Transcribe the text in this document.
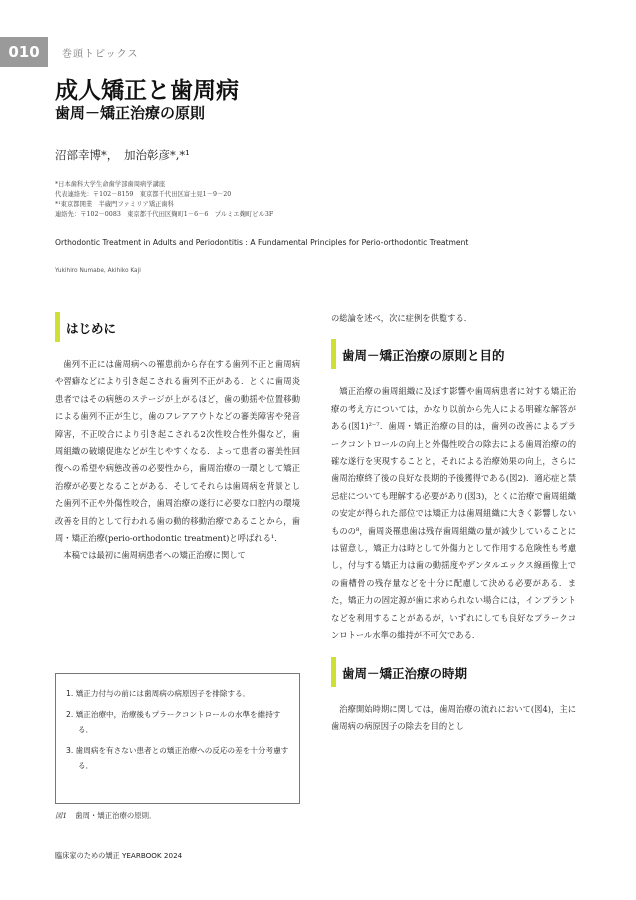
010	巻頭トピックス
成人矯正と歯周病
歯周－矯正治療の原則
沼部幸博*，　加治彰彦*,*¹
*日本歯科大学生命歯学部歯周病学講座
代表連絡先：〒102－8159　東京都千代田区富士見1－9－20
*¹東京都開業　半蔵門ファミリア矯正歯科
連絡先：〒102－0083　東京都千代田区麹町1－6－6　プルミエ麹町ビル3F
Orthodontic Treatment in Adults and Periodontitis : A Fundamental Principles for Perio-orthodontic Treatment
Yukihiro Numabe, Akihiko Kaji
はじめに

歯列不正には歯周病への罹患前から存在する歯列不正と歯周病や習癖などにより引き起こされる歯列不正がある．とくに歯周炎患者ではその病態のステージが上がるほど，歯の動揺や位置移動による歯列不正が生じ，歯のフレアアウトなどの審美障害や発音障害，不正咬合により引き起こされる2次性咬合性外傷など，歯周組織の破壊促進などが生じやすくなる．よって患者の審美性回復への希望や病態改善の必要性から，歯周治療の一環として矯正治療が必要となることがある．そしてそれらは歯周病を背景とした歯列不正や外傷性咬合，歯周治療の遂行に必要な口腔内の環境改善を目的として行われる歯の動的移動治療であることから，歯周・矯正治療(perio-orthodontic treatment)と呼ばれる¹．

本稿では最初に歯周病患者への矯正治療に関して

1. 矯正力付与の前には歯周病の病原因子を排除する．
2. 矯正治療中，治療後もプラークコントロールの水準を維持する．
3. 歯周病を有さない患者との矯正治療への反応の差を十分考慮する．
図1 歯周・矯正治療の原則．

の総論を述べ，次に症例を供覧する．

歯周－矯正治療の原則と目的

矯正治療の歯周組織に及ぼす影響や歯周病患者に対する矯正治療の考え方については，かなり以前から先人による明確な解答がある(図1)²⁻⁷．歯周・矯正治療の目的は，歯列の改善によるプラークコントロールの向上と外傷性咬合の除去による歯周治療の的確な遂行を実現することと，それによる治療効果の向上，さらに歯周治療終了後の良好な長期的予後獲得である(図2)．適応症と禁忌症についても理解する必要があり(図3)，とくに治療で歯周組織の安定が得られた部位では矯正力は歯周組織に大きく影響しないものの⁸，歯周炎罹患歯は残存歯周組織の量が減少していることには留意し，矯正力は時として外傷力として作用する危険性も考慮し，付与する矯正力は歯の動揺度やデンタルエックス線画像上での歯槽骨の残存量などを十分に配慮して決める必要がある．また，矯正力の固定源が歯に求められない場合には，インプラントなどを利用することがあるが，いずれにしても良好なプラークコンロトール水準の維持が不可欠である．

歯周－矯正治療の時期

治療開始時期に関しては，歯周治療の流れにおいて(図4)，主に歯周病の病原因子の除去を目的とし

臨床家のための矯正 YEARBOOK 2024
